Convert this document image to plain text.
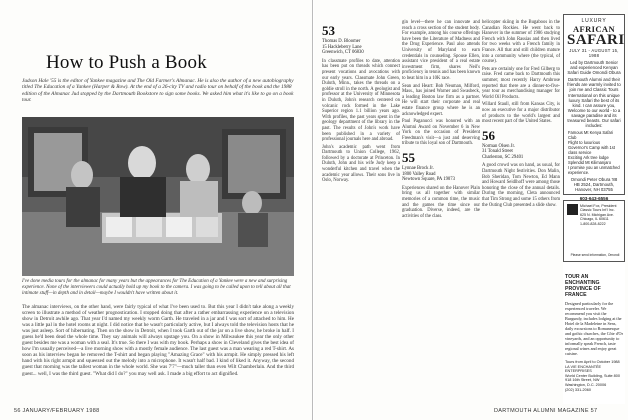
How to Push a Book

Judson Hale '55 is the editor of Yankee magazine and The Old Farmer's Almanac. He is also the author of a new autobiography titled The Education of a Yankee (Harper & Row). At the end of a 26-city TV and radio tour on behalf of the book and the 1988 edition of the Almanac Jud stopped by the Dartmouth Bookstore to sign some books. We asked him what it's like to go on a book tour.

I've done media tours for the almanac for many years but the appearances for The Education of a Yankee were a new and surprising experience. None of the interviewers could actually hold up my book to the camera. I was going to be called upon to tell about all that intimate stuff—in depth and in detail—maybe I wouldn't have written about it.

The almanac interviews, on the other hand, were fairly typical of what I've been used to. But this year I didn't take along a weekly screen to illustrate a method of weather prognostication. I stopped doing that after a rather embarrassing experience on a television show in Detroit awhile ago. That year I'd named my weekly worm Garth. He traveled in a jar and I was sort of attached to him. He was a little pal in the hotel rooms at night. I did notice that he wasn't particularly active, but I always told the television hosts that he was just asleep. Sort of hibernating. Then on the show in Detroit, when I took Garth out of the jar on a live show, he broke in half. I guess he'd been dead the whole time. They say animals will always upstage you. On a show in Milwaukee this year the only other guest besides me was a woman with a seal. It's true. So there I was with my book. Perhaps a show in Cleveland gives the best idea of how I'm usually perceived—a live morning show with a mostly female audience. The last guest was a man wearing a red T-shirt. As soon as his interview began he removed the T-shirt and began playing "Amazing Grace" with his armpit. He simply pressed his left hand with his right armpit and squeezed out the melody into a microphone. It wasn't half bad. I kind of liked it. Anyway, the second guest that morning was the tallest woman in the whole world. She was 7'7"—much taller than even Wilt Chamberlain. And the third guest... well, I was the third guest. "What did I do?" you may well ask. I made a big effort to act dignified.
56 JANUARY/FEBRUARY 1988
53
Thomas D. Bloomer
15 Hackleberry Lane
Greenwich, CT 06830

In classmate profiles to date, attention has been put on threads which connect present vocations and avocations with our early years. Classmate John Green, Duluth, Minn., takes the threads on a goldie stroll in the north. A geologist and professor at the University of Minnesota in Duluth, John's research centered on volcanic rock formed in the Lake Superior region 1.1 billion years ago. With profiles, the past years spent in the geology department of the library in the past. The results of John's work have been published in a variety of professional journals here and abroad.

John's academic path went from Dartmouth to Union College, 1962, followed by a doctorate at Princeton. In Duluth, John and his wife Judy keep a wonderful kitchen and travel when the academic year allows. Their sons live in Oslo, Norway.

gin level—there he can innovate and reach a cross section of the student body. For example, among his course offerings have been the Literature of Madness and the Drug Experience. Paul also attends University of Maryland to earn credentials in counseling. Spouse Ellen, assistant vice president of a real estate investment firm, shares Neil's proficiency in tennis and has been known to beat him in a 10K race.

Sean and Heart: Bob Neuman, Milford, Mass., has joined Warner and Swasbeck, a leading Boston law firm as a partner. He will start their corporate and real estate finance group where he is an acknowledged expert.

Paul Paganucci was honored with an Alumni Award on November 6 in New York on the occasion of President Freedman's visit—a just and deserving tribute to this loyal son of Dartmouth.

55
Lynnae Brock Jr.
1800 Valley Road
Newtown Square, PA 19073

Experiences shared on the Hanover Plain bring us all together with similar memories of a common time, the music and the games the time since our graduation. Diverse, indeed, are the activities of the class.

helicopter skiing in the Bugaboos in the Canadian Rockies. He went back to Hanover in the summer of 1986 studying French with John Rassias and then lived for two weeks with a French family in France. All that and still children mature into a community where (the typical, of course).

Pets are certainly one for Fred Gilberg to raise. Fred came back to Dartmouth this summer; most recently Harry Ambrose reported that there are a dinner-to-five-year tour as merchandising manager for World Oil Products.

Willard Staull, still from Kansas City, is now an executive for a major distributor of products to the world's largest and most recent part of the United States.

56
Norman Olsen Jr.
31 Tonald Street
Charleston, SC 29401

A good crowd was on hand, as usual, for Dartmouth Night festivities. Don Malin, Bob Sheridan, Tom Newton, Ed Mann and Howard Seidlhoff were among those honoring the close of the annual details. During the morning, Cleta announced that Tim Strong and some 15 others from the Outing Club presented a slide show.

LUXURY
AFRICAN
SAFARI
JULY 31 - AUGUST 15, 1988
Led by Dartmouth Senior and experienced Kenyan Safari Guide Omondi Obura
Dartmouth Alumni and their friends are warmly invited to join me and Classic Tours International on this unique luxury Safari the best of its kind. I can assure you, Welcome to our world - to a savage paradise and its treasured beasts. Our safari includes:
Famous Mt Kenya Safari Club
Flight to luxurious Governor's Camp with 1st class service
Exciting Ark tree lodge
Splendid Mt Kilimanjaro
I promise you an unmatched experience.
Omondi Peter Obura '88
HB 2524, Dartmouth,
Hanover, NH 03755
603-643-6556
Michael Fox, President
Classic Tours Int'l Inc.
625 N. Michigan Ave.
Chicago, IL 60611
1-800-828-8222
Please send information, Omondi
TOUR AN ENCHANTING PROVINCE OF FRANCE
Designed particularly for the experienced traveler. We recommend you visit the Burgundy, includes lodging at the Hotel de la Madeleine in Sens, daily excursions to Romanesque and gothic churches, the Côte d'Or vineyards, and an opportunity to informally speak French, taste regional wines and enjoy great cuisine.
Tours from April to October 1988
LA VIE ENCHANTÉE ENTERPRISES
World Center Building, Suite 800
918 16th Street, NW
Washington, D.C. 20006
(202) 331-2060
DARTMOUTH ALUMNI MAGAZINE 57
